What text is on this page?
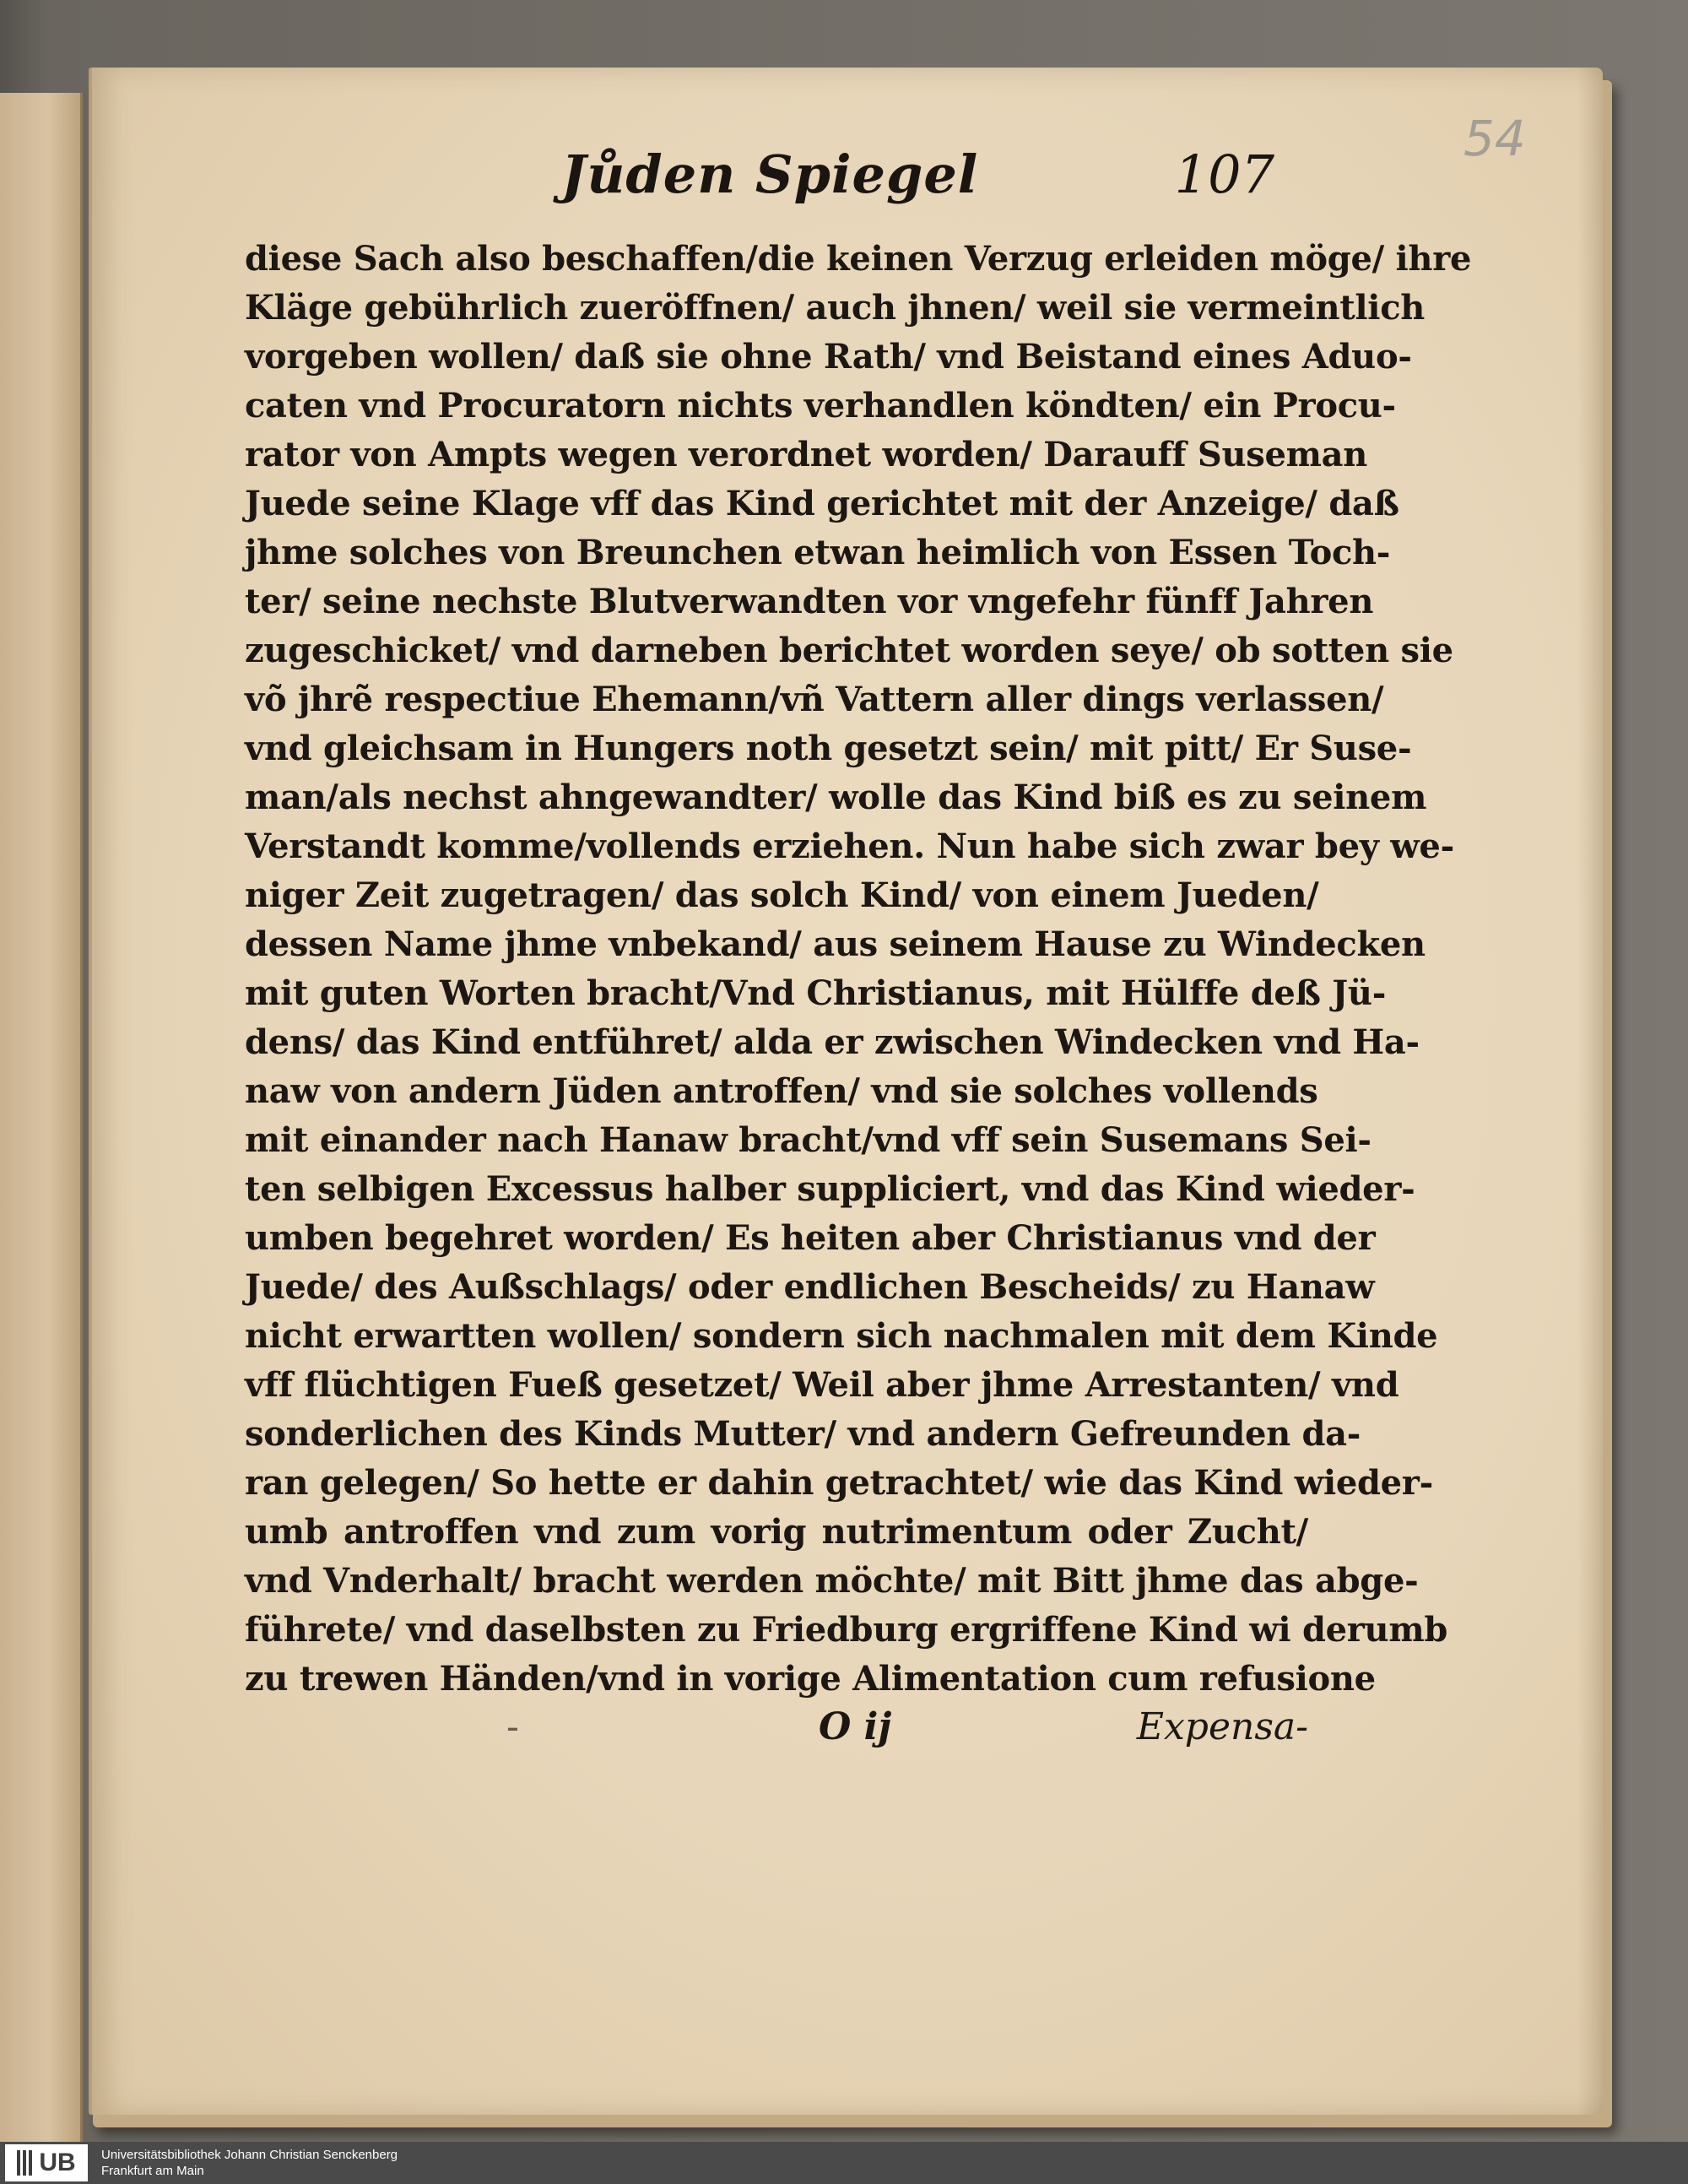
54
Jůden Spiegel	107
diese Sach also beschaffen/die keinen Verzug erleiden möge/ ihre
Kläge gebührlich zueröffnen/ auch jhnen/ weil sie vermeintlich
vorgeben wollen/ daß sie ohne Rath/ vnd Beistand eines Aduo-
caten vnd Procuratorn nichts verhandlen köndten/ ein Procu-
rator von Ampts wegen verordnet worden/ Darauff Suseman
Juede seine Klage vff das Kind gerichtet mit der Anzeige/ daß
jhme solches von Breunchen etwan heimlich von Essen Toch-
ter/ seine nechste Blutverwandten vor vngefehr fünff Jahren
zugeschicket/ vnd darneben berichtet worden seye/ ob sotten sie
võ jhrẽ respectiue Ehemann/vñ Vattern aller dings verlassen/
vnd gleichsam in Hungers noth gesetzt sein/ mit pitt/ Er Suse-
man/als nechst ahngewandter/ wolle das Kind biß es zu seinem
Verstandt komme/vollends erziehen. Nun habe sich zwar bey we-
niger Zeit zugetragen/ das solch Kind/ von einem Jueden/
dessen Name jhme vnbekand/ aus seinem Hause zu Windecken
mit guten Worten bracht/Vnd Christianus, mit Hülffe deß Jü-
dens/ das Kind entführet/ alda er zwischen Windecken vnd Ha-
naw von andern Jüden antroffen/ vnd sie solches vollends
mit einander nach Hanaw bracht/vnd vff sein Susemans Sei-
ten selbigen Excessus halber suppliciert, vnd das Kind wieder-
umben begehret worden/ Es heiten aber Christianus vnd der
Juede/ des Außschlags/ oder endlichen Bescheids/ zu Hanaw
nicht erwartten wollen/ sondern sich nachmalen mit dem Kinde
vff flüchtigen Fueß gesetzet/ Weil aber jhme Arrestanten/ vnd
sonderlichen des Kinds Mutter/ vnd andern Gefreunden da-
ran gelegen/ So hette er dahin getrachtet/ wie das Kind wieder-
umb antroffen vnd zum vorig nutrimentum oder Zucht/
vnd Vnderhalt/ bracht werden möchte/ mit Bitt jhme das abge-
führete/ vnd daselbsten zu Friedburg ergriffene Kind wi derumb
zu trewen Händen/vnd in vorige Alimentation cum refusione
-	O ij	Expensa-
UB Universitätsbibliothek Johann Christian Senckenberg
Frankfurt am Main
